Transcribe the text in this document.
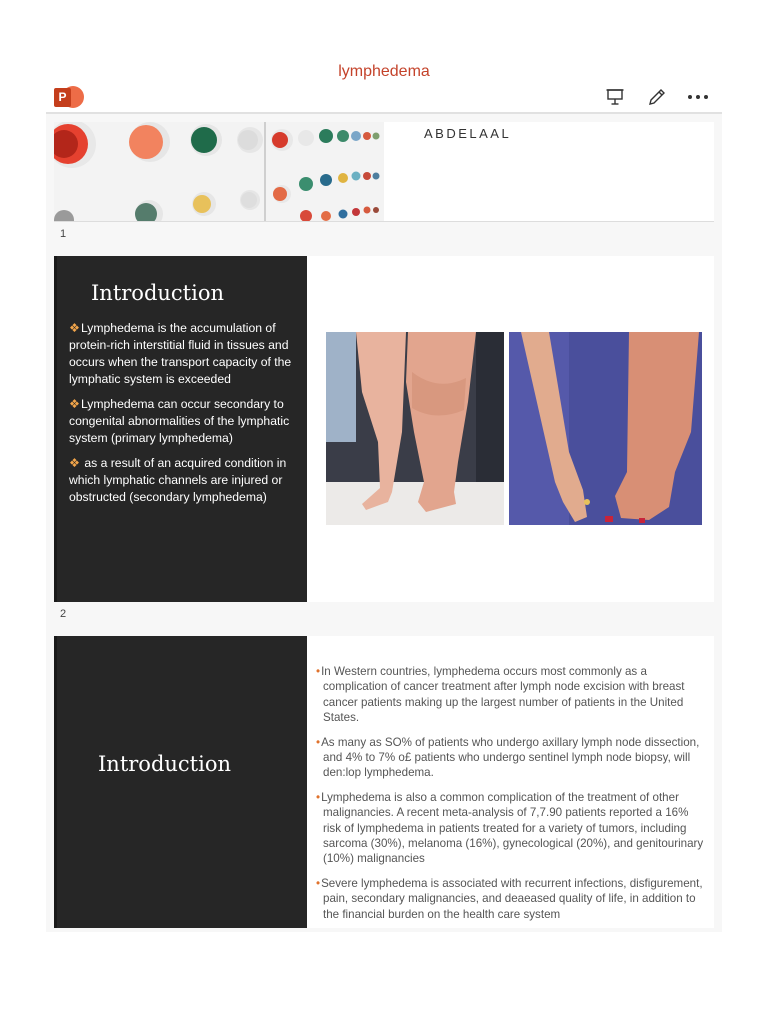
lymphedema
P
ABDELAAL
1
Introduction

❖Lymphedema is the accumulation of protein-rich interstitial fluid in tissues and occurs when the transport capacity of the lymphatic system is exceeded

❖Lymphedema can occur secondary to congenital abnormalities of the lymphatic system (primary lymphedema)

❖ as a result of an acquired condition in which lymphatic channels are injured or obstructed (secondary lymphedema)

2
Introduction

•In Western countries, lymphedema occurs most commonly as a complication of cancer treatment after lymph node excision with breast cancer patients making up the largest number of patients in the United States.

•As many as SO% of patients who undergo axillary lymph node dissection, and 4% to 7% o£ patients who undergo sentinel lymph node biopsy, will den:lop lymphedema.

•Lymphedema is also a common complication of the treatment of other malignancies. A recent meta-analysis of 7,7.90 patients reported a 16% risk of lymphedema in patients treated for a variety of tumors, including sarcoma (30%), melanoma (16%), gynecological (20%), and genitourinary (10%) malignancies

•Severe lymphedema is associated with recurrent infections, disfigurement, pain, secondary malignancies, and deaeased quality of life, in addition to the financial burden on the health care system
